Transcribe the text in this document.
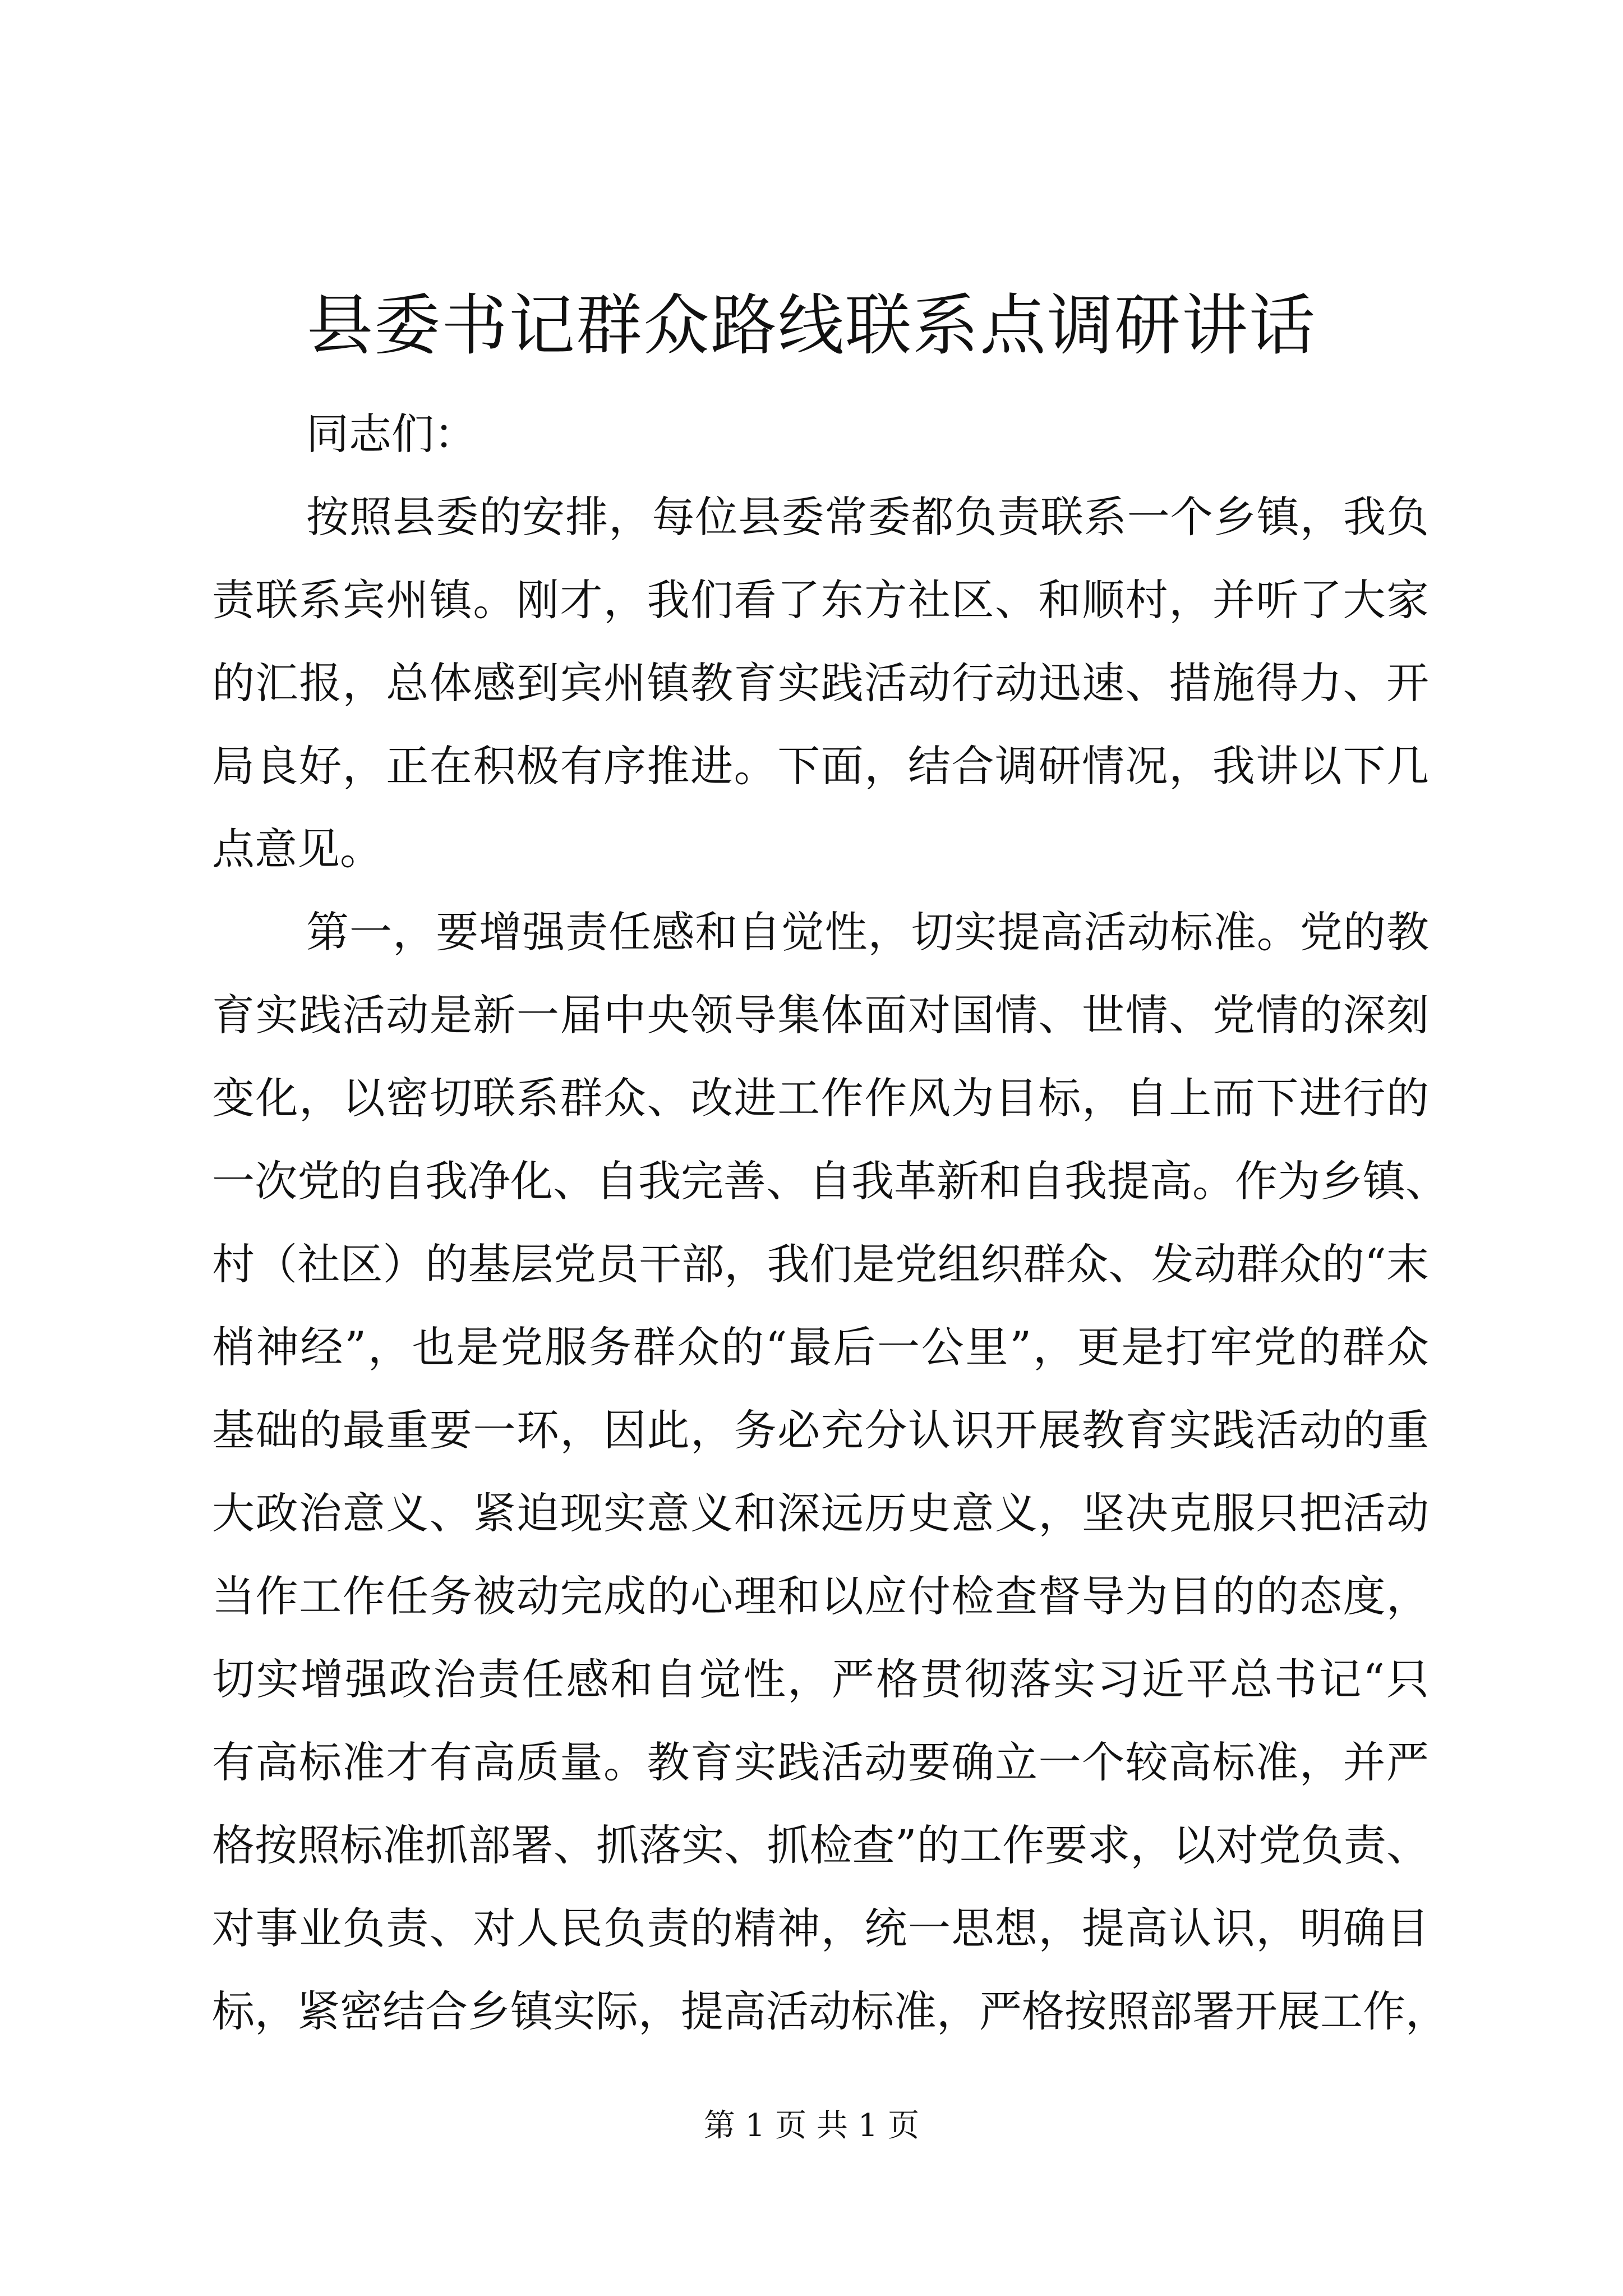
县委书记群众路线联系点调研讲话
同志们：
按照县委的安排，每位县委常委都负责联系一个乡镇，我负
责联系宾州镇。刚才，我们看了东方社区、和顺村，并听了大家
的汇报，总体感到宾州镇教育实践活动行动迅速、措施得力、开
局良好，正在积极有序推进。下面，结合调研情况，我讲以下几
点意见。
第一，要增强责任感和自觉性，切实提高活动标准。党的教
育实践活动是新一届中央领导集体面对国情、世情、党情的深刻
变化，以密切联系群众、改进工作作风为目标，自上而下进行的
一次党的自我净化、自我完善、自我革新和自我提高。作为乡镇、
村（社区）的基层党员干部，我们是党组织群众、发动群众的“末
梢神经”，也是党服务群众的“最后一公里”，更是打牢党的群众
基础的最重要一环，因此，务必充分认识开展教育实践活动的重
大政治意义、紧迫现实意义和深远历史意义，坚决克服只把活动
当作工作任务被动完成的心理和以应付检查督导为目的的态度，
切实增强政治责任感和自觉性，严格贯彻落实习近平总书记“只
有高标准才有高质量。教育实践活动要确立一个较高标准，并严
格按照标准抓部署、抓落实、抓检查”的工作要求，以对党负责、
对事业负责、对人民负责的精神，统一思想，提高认识，明确目
标，紧密结合乡镇实际，提高活动标准，严格按照部署开展工作，
第 1 页 共 1 页
